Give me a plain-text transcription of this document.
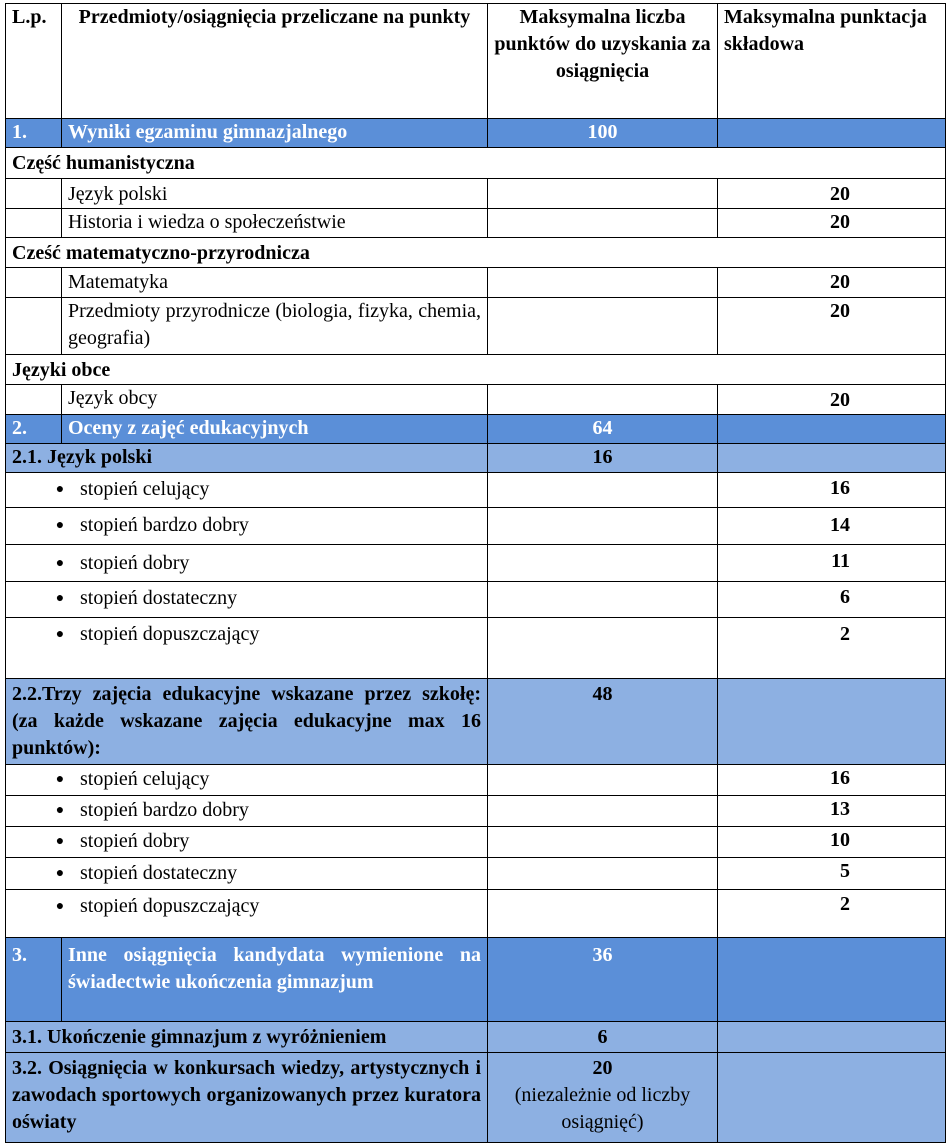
L.p.	Przedmioty/osiągnięcia przeliczane na punkty	Maksymalna liczba punktów do uzyskania za osiągnięcia	Maksymalna punktacja składowa
1.	Wyniki egzaminu gimnazjalnego	100	
Część humanistyczna			
	Język polski		20
	Historia i wiedza o społeczeństwie		20
Cześć matematyczno-przyrodnicza			
	Matematyka		20
	Przedmioty przyrodnicze (biologia, fizyka, chemia, geografia)		20
Języki obce			
	Język obcy		20
2.	Oceny z zajęć edukacyjnych	64	
2.1. Język polski		16	
● stopień celujący			16
● stopień bardzo dobry			14
● stopień dobry			11
● stopień dostateczny			6
● stopień dopuszczający			2
2.2.Trzy zajęcia edukacyjne wskazane przez szkołę: (za każde wskazane zajęcia edukacyjne max 16 punktów):		48	
● stopień celujący			16
● stopień bardzo dobry			13
● stopień dobry			10
● stopień dostateczny			5
● stopień dopuszczający			2
3.	Inne osiągnięcia kandydata wymienione na świadectwie ukończenia gimnazjum	36	
3.1. Ukończenie gimnazjum z wyróżnieniem		6	
3.2. Osiągnięcia w konkursach wiedzy, artystycznych i zawodach sportowych organizowanych przez kuratora oświaty		20
(niezależnie od liczby osiągnięć)	
